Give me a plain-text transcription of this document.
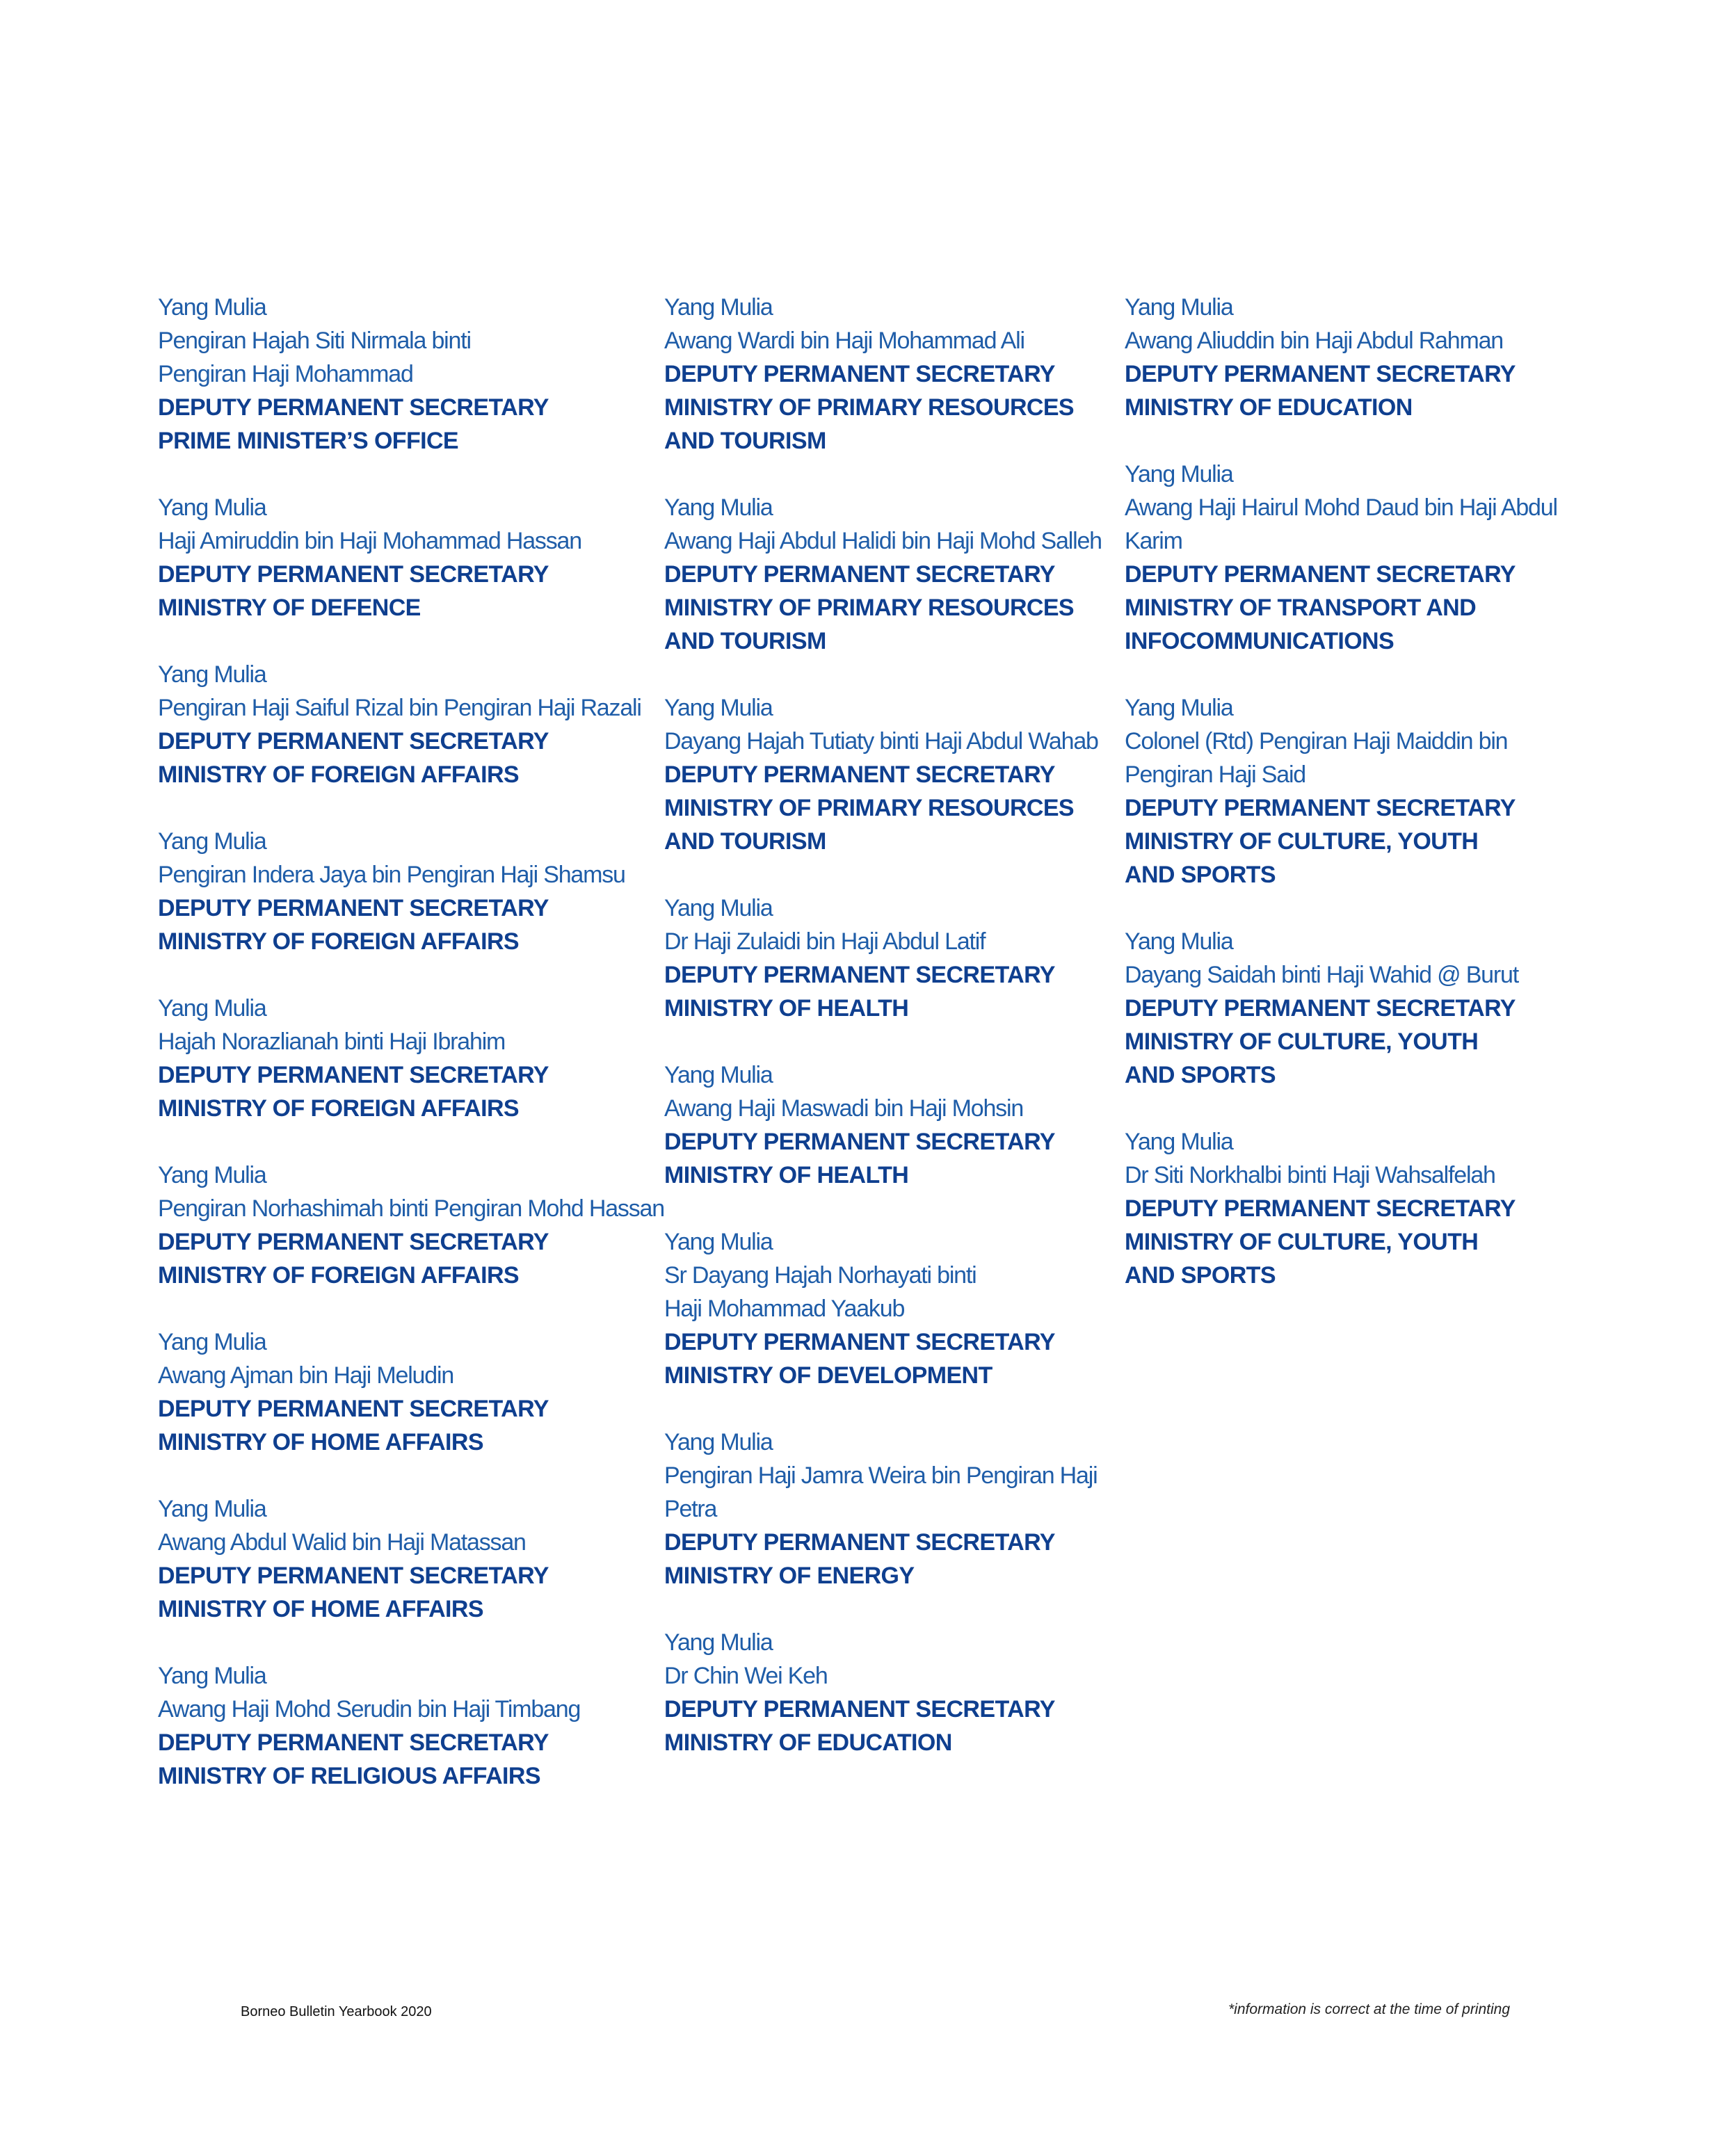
Yang Mulia
Pengiran Hajah Siti Nirmala binti
Pengiran Haji Mohammad
DEPUTY PERMANENT SECRETARY
PRIME MINISTER’S OFFICE
Yang Mulia
Haji Amiruddin bin Haji Mohammad Hassan
DEPUTY PERMANENT SECRETARY
MINISTRY OF DEFENCE
Yang Mulia
Pengiran Haji Saiful Rizal bin Pengiran Haji Razali
DEPUTY PERMANENT SECRETARY
MINISTRY OF FOREIGN AFFAIRS
Yang Mulia
Pengiran Indera Jaya bin Pengiran Haji Shamsu
DEPUTY PERMANENT SECRETARY
MINISTRY OF FOREIGN AFFAIRS
Yang Mulia
Hajah Norazlianah binti Haji Ibrahim
DEPUTY PERMANENT SECRETARY
MINISTRY OF FOREIGN AFFAIRS
Yang Mulia
Pengiran Norhashimah binti Pengiran Mohd Hassan
DEPUTY PERMANENT SECRETARY
MINISTRY OF FOREIGN AFFAIRS
Yang Mulia
Awang Ajman bin Haji Meludin
DEPUTY PERMANENT SECRETARY
MINISTRY OF HOME AFFAIRS
Yang Mulia
Awang Abdul Walid bin Haji Matassan
DEPUTY PERMANENT SECRETARY
MINISTRY OF HOME AFFAIRS
Yang Mulia
Awang Haji Mohd Serudin bin Haji Timbang
DEPUTY PERMANENT SECRETARY
MINISTRY OF RELIGIOUS AFFAIRS
Yang Mulia
Awang Wardi bin Haji Mohammad Ali
DEPUTY PERMANENT SECRETARY
MINISTRY OF PRIMARY RESOURCES
AND TOURISM
Yang Mulia
Awang Haji Abdul Halidi bin Haji Mohd Salleh
DEPUTY PERMANENT SECRETARY
MINISTRY OF PRIMARY RESOURCES
AND TOURISM
Yang Mulia
Dayang Hajah Tutiaty binti Haji Abdul Wahab
DEPUTY PERMANENT SECRETARY
MINISTRY OF PRIMARY RESOURCES
AND TOURISM
Yang Mulia
Dr Haji Zulaidi bin Haji Abdul Latif
DEPUTY PERMANENT SECRETARY
MINISTRY OF HEALTH
Yang Mulia
Awang Haji Maswadi bin Haji Mohsin
DEPUTY PERMANENT SECRETARY
MINISTRY OF HEALTH
Yang Mulia
Sr Dayang Hajah Norhayati binti
Haji Mohammad Yaakub
DEPUTY PERMANENT SECRETARY
MINISTRY OF DEVELOPMENT
Yang Mulia
Pengiran Haji Jamra Weira bin Pengiran Haji
Petra
DEPUTY PERMANENT SECRETARY
MINISTRY OF ENERGY
Yang Mulia
Dr Chin Wei Keh
DEPUTY PERMANENT SECRETARY
MINISTRY OF EDUCATION
Yang Mulia
Awang Aliuddin bin Haji Abdul Rahman
DEPUTY PERMANENT SECRETARY
MINISTRY OF EDUCATION
Yang Mulia
Awang Haji Hairul Mohd Daud bin Haji Abdul
Karim
DEPUTY PERMANENT SECRETARY
MINISTRY OF TRANSPORT AND
INFOCOMMUNICATIONS
Yang Mulia
Colonel (Rtd) Pengiran Haji Maiddin bin
Pengiran Haji Said
DEPUTY PERMANENT SECRETARY
MINISTRY OF CULTURE, YOUTH
AND SPORTS
Yang Mulia
Dayang Saidah binti Haji Wahid @ Burut
DEPUTY PERMANENT SECRETARY
MINISTRY OF CULTURE, YOUTH
AND SPORTS
Yang Mulia
Dr Siti Norkhalbi binti Haji Wahsalfelah
DEPUTY PERMANENT SECRETARY
MINISTRY OF CULTURE, YOUTH
AND SPORTS
Borneo Bulletin Yearbook 2020	*information is correct at the time of printing
